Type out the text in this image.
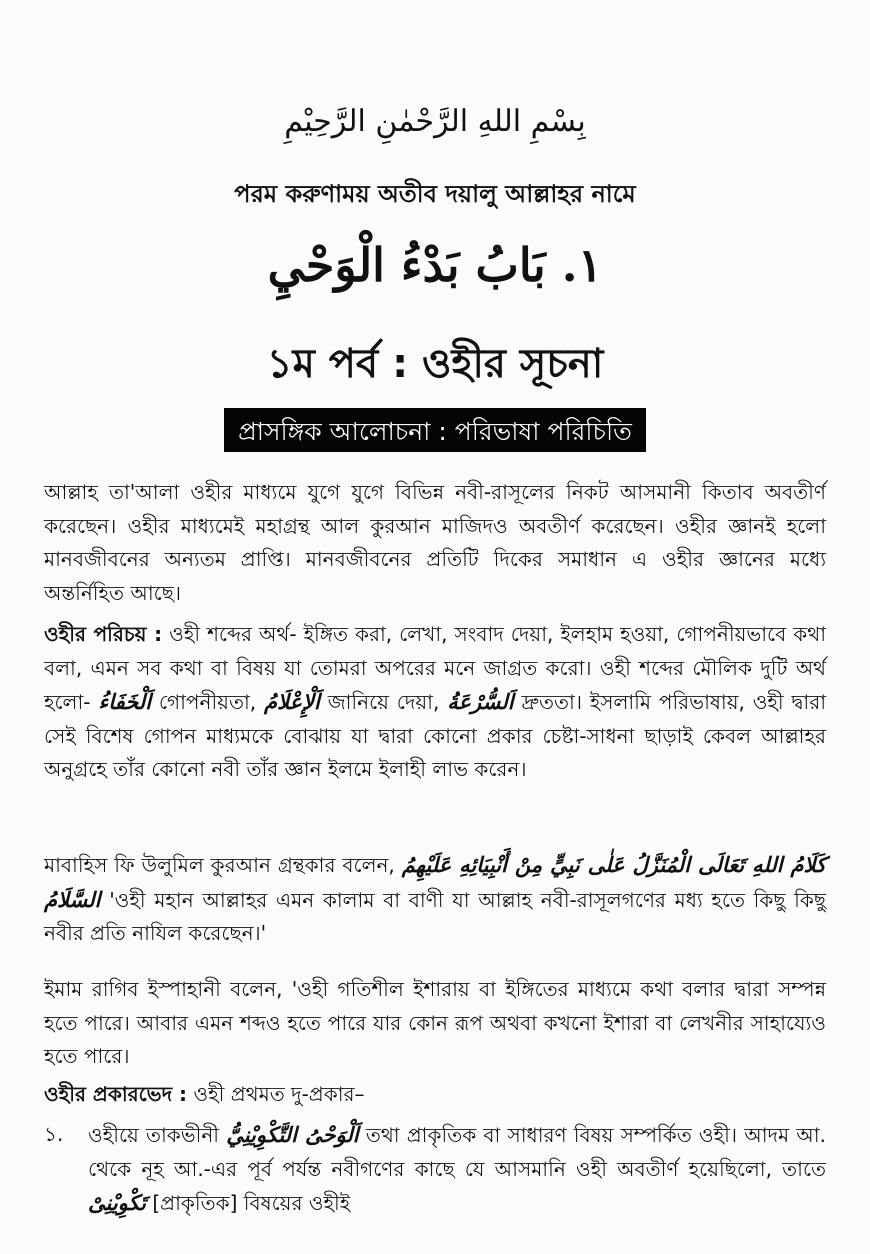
بِسْمِ اللهِ الرَّحْمٰنِ الرَّحِيْمِ
পরম করুণাময় অতীব দয়ালু আল্লাহর নামে
١. بَابُ بَدْءُ الْوَحْيِ
১ম পর্ব : ওহীর সূচনা
প্রাসঙ্গিক আলোচনা : পরিভাষা পরিচিতি

আল্লাহ তা'আলা ওহীর মাধ্যমে যুগে যুগে বিভিন্ন নবী-রাসূলের নিকট আসমানী কিতাব অবতীর্ণ করেছেন। ওহীর মাধ্যমেই মহাগ্রন্থ আল কুরআন মাজিদও অবতীর্ণ করেছেন। ওহীর জ্ঞানই হলো মানবজীবনের অন্যতম প্রাপ্তি। মানবজীবনের প্রতিটি দিকের সমাধান এ ওহীর জ্ঞানের মধ্যে অন্তর্নিহিত আছে।

ওহীর পরিচয় : ওহী শব্দের অর্থ- ইঙ্গিত করা, লেখা, সংবাদ দেয়া, ইলহাম হওয়া, গোপনীয়ভাবে কথা বলা, এমন সব কথা বা বিষয় যা তোমরা অপরের মনে জাগ্রত করো। ওহী শব্দের মৌলিক দুটি অর্থ হলো- اَلْخَفَاءُ গোপনীয়তা, اَلْإِعْلَامُ জানিয়ে দেয়া, اَلسُّرْعَةُ দ্রুততা। ইসলামি পরিভাষায়, ওহী দ্বারা সেই বিশেষ গোপন মাধ্যমকে বোঝায় যা দ্বারা কোনো প্রকার চেষ্টা-সাধনা ছাড়াই কেবল আল্লাহর অনুগ্রহে তাঁর কোনো নবী তাঁর জ্ঞান ইলমে ইলাহী লাভ করেন।

মাবাহিস ফি উলুমিল কুরআন গ্রন্থকার বলেন, كَلَامُ اللهِ تَعَالَى الْمُنَزَّلُ عَلٰى نَبِيٍّ مِنْ أَنْبِيَائِهِ عَلَيْهِمُ السَّلَامُ 'ওহী মহান আল্লাহর এমন কালাম বা বাণী যা আল্লাহ নবী-রাসূলগণের মধ্য হতে কিছু কিছু নবীর প্রতি নাযিল করেছেন।'

ইমাম রাগিব ইস্পাহানী বলেন, 'ওহী গতিশীল ইশারায় বা ইঙ্গিতের মাধ্যমে কথা বলার দ্বারা সম্পন্ন হতে পারে। আবার এমন শব্দও হতে পারে যার কোন রূপ অথবা কখনো ইশারা বা লেখনীর সাহায্যেও হতে পারে।

ওহীর প্রকারভেদ : ওহী প্রথমত দু-প্রকার–

১.	ওহীয়ে তাকভীনী اَلْوَحْىُ التَّكْوِيْنِيُّ তথা প্রাকৃতিক বা সাধারণ বিষয় সম্পর্কিত ওহী। আদম আ. থেকে নূহ আ.-এর পূর্ব পর্যন্ত নবীগণের কাছে যে আসমানি ওহী অবতীর্ণ হয়েছিলো, তাতে تَكْوِيْنِىْ [প্রাকৃতিক] বিষয়ের ওহীই
